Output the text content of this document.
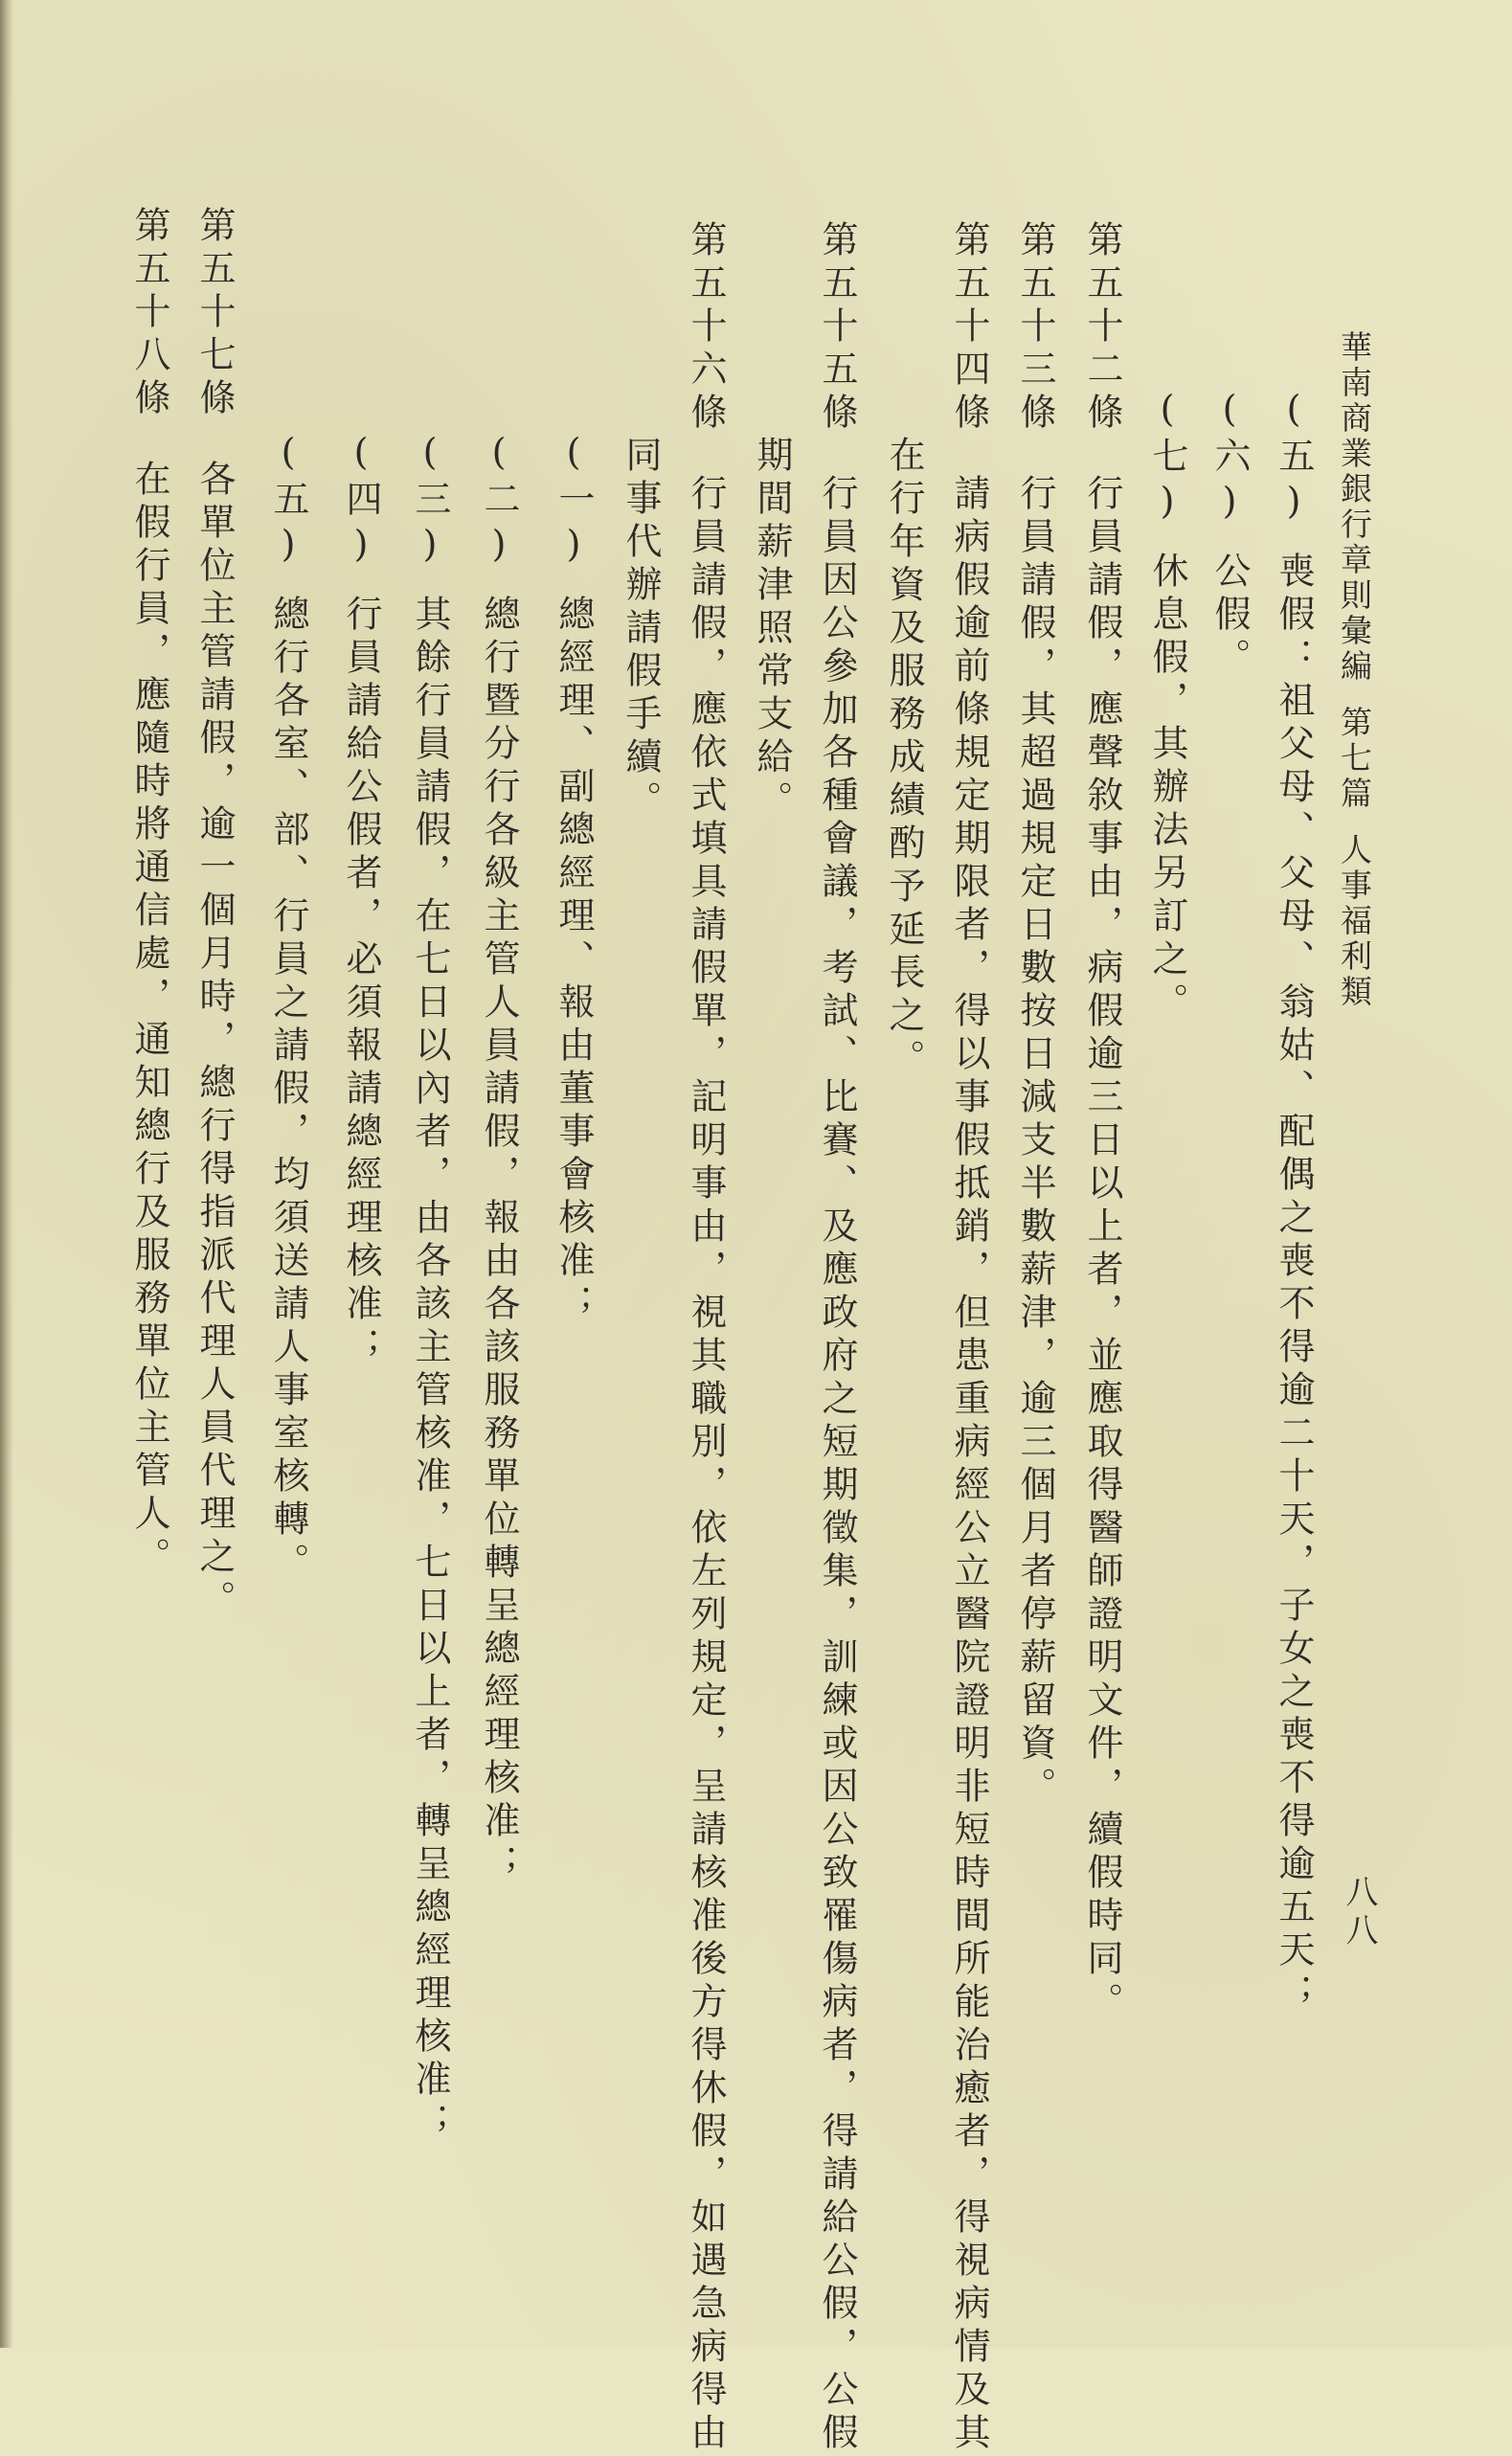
華南商業銀行章則彙編第七篇人事福利類
八八
(五)喪假：祖父母、父母、翁姑、配偶之喪不得逾二十天，子女之喪不得逾五天；
(六)公假。
(七)休息假，其辦法另訂之。
第五十二條行員請假，應聲敘事由，病假逾三日以上者，並應取得醫師證明文件，續假時同。
第五十三條行員請假，其超過規定日數按日減支半數薪津，逾三個月者停薪留資。
第五十四條請病假逾前條規定期限者，得以事假抵銷，但患重病經公立醫院證明非短時間所能治癒者，得視病情及其
在行年資及服務成績酌予延長之。
第五十五條行員因公參加各種會議，考試、比賽、及應政府之短期徵集，訓練或因公致罹傷病者，得請給公假，公假
期間薪津照常支給。
第五十六條行員請假，應依式填具請假單，記明事由，視其職別，依左列規定，呈請核准後方得休假，如遇急病得由
同事代辦請假手續。
(一)總經理、副總經理、報由董事會核准；
(二)總行暨分行各級主管人員請假，報由各該服務單位轉呈總經理核准；
(三)其餘行員請假，在七日以內者，由各該主管核准，七日以上者，轉呈總經理核准；
(四)行員請給公假者，必須報請總經理核准；
(五)總行各室、部、行員之請假，均須送請人事室核轉。
第五十七條各單位主管請假，逾一個月時，總行得指派代理人員代理之。
第五十八條在假行員，應隨時將通信處，通知總行及服務單位主管人。
